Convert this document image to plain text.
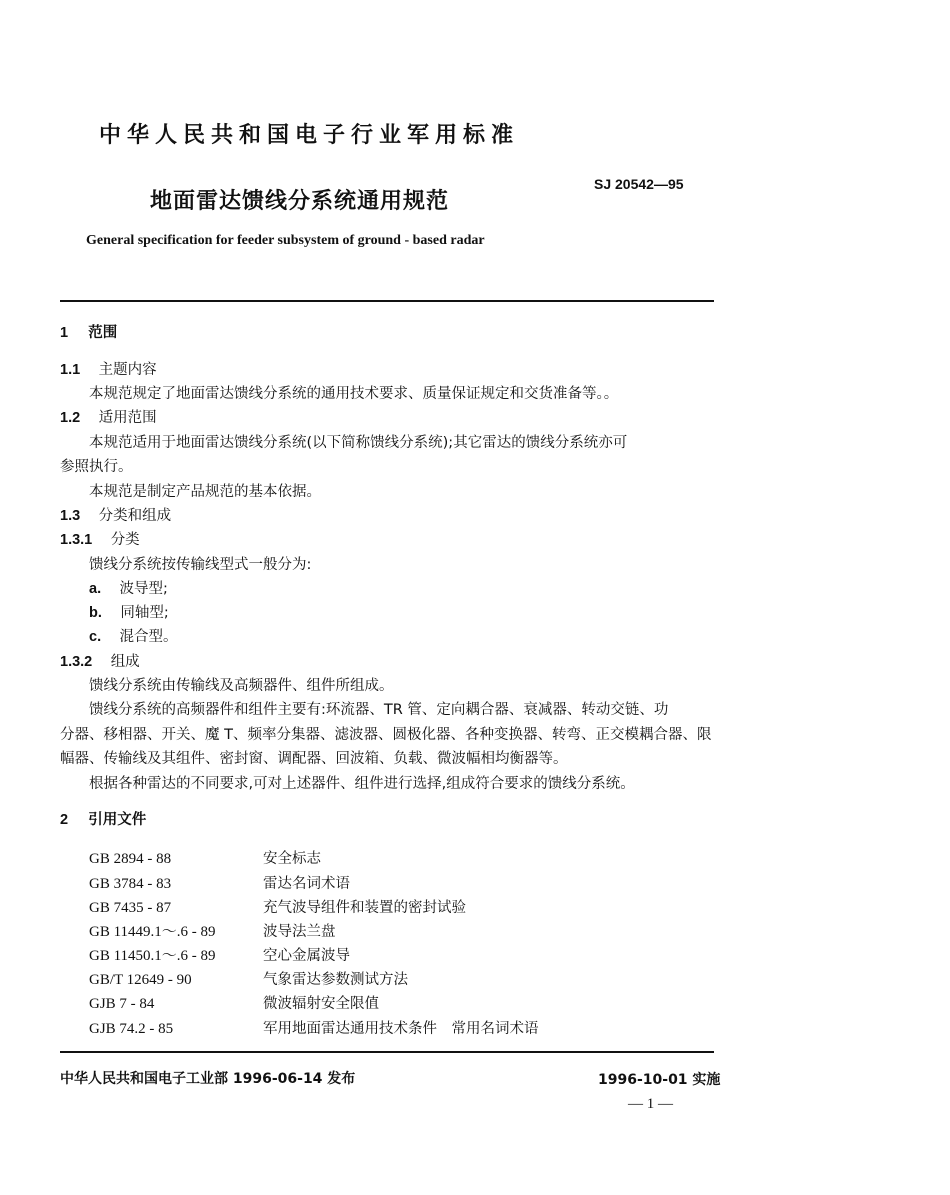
中华人民共和国电子行业军用标准
SJ 20542—95
地面雷达馈线分系统通用规范
General specification for feeder subsystem of ground - based radar
1 范围
1.1 主题内容
本规范规定了地面雷达馈线分系统的通用技术要求、质量保证规定和交货准备等。。
1.2 适用范围
本规范适用于地面雷达馈线分系统(以下简称馈线分系统);其它雷达的馈线分系统亦可
参照执行。
本规范是制定产品规范的基本依据。
1.3 分类和组成
1.3.1 分类
馈线分系统按传输线型式一般分为:
a. 波导型;
b. 同轴型;
c. 混合型。
1.3.2 组成
馈线分系统由传输线及高频器件、组件所组成。
馈线分系统的高频器件和组件主要有:环流器、TR 管、定向耦合器、衰减器、转动交链、功
分器、移相器、开关、魔 T、频率分集器、滤波器、圆极化器、各种变换器、转弯、正交模耦合器、限
幅器、传输线及其组件、密封窗、调配器、回波箱、负载、微波幅相均衡器等。
根据各种雷达的不同要求,可对上述器件、组件进行选择,组成符合要求的馈线分系统。
2 引用文件
GB 2894 - 88	安全标志
GB 3784 - 83	雷达名词术语
GB 7435 - 87	充气波导组件和装置的密封试验
GB 11449.1～.6 - 89	波导法兰盘
GB 11450.1～.6 - 89	空心金属波导
GB/T 12649 - 90	气象雷达参数测试方法
GJB 7 - 84	微波辐射安全限值
GJB 74.2 - 85	军用地面雷达通用技术条件　常用名词术语
中华人民共和国电子工业部 1996-06-14 发布	1996-10-01 实施
— 1 —
